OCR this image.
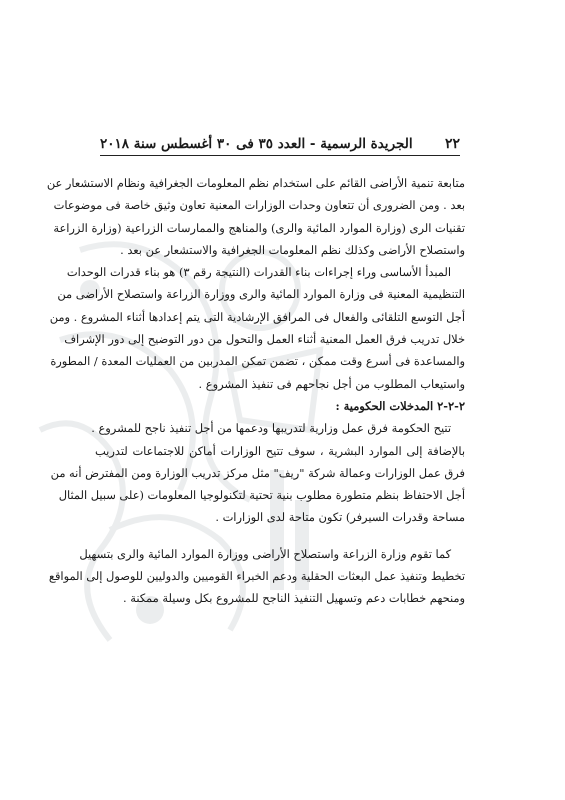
٢٢
الجريدة الرسمية - العدد ٣٥ فى ٣٠ أغسطس سنة ٢٠١٨
متابعة تنمية الأراضى القائم على استخدام نظم المعلومات الجغرافية ونظام الاستشعار عن
بعد . ومن الضرورى أن تتعاون وحدات الوزارات المعنية تعاون وثيق خاصة فى موضوعات
تقنيات الرى (وزارة الموارد المائية والرى) والمناهج والممارسات الزراعية (وزارة الزراعة
واستصلاح الأراضى وكذلك نظم المعلومات الجغرافية والاستشعار عن بعد .
المبدأ الأساسى وراء إجراءات بناء القدرات (النتيجة رقم ٣) هو بناء قدرات الوحدات
التنظيمية المعنية فى وزارة الموارد المائية والرى ووزارة الزراعة واستصلاح الأراضى من
أجل التوسع التلقائى والفعال فى المرافق الإرشادية التى يتم إعدادها أثناء المشروع . ومن
خلال تدريب فرق العمل المعنية أثناء العمل والتحول من دور التوضيح إلى دور الإشراف
والمساعدة فى أسرع وقت ممكن ، تضمن تمكن المدربين من العمليات المعدة / المطورة
واستيعاب المطلوب من أجل نجاحهم فى تنفيذ المشروع .
٢-٢-٢ المدخلات الحكومية :
تتيح الحكومة فرق عمل وزارية لتدريبها ودعمها من أجل تنفيذ ناجح للمشروع .
بالإضافة إلى الموارد البشرية ، سوف تتيح الوزارات أماكن للاجتماعات لتدريب
فرق عمل الوزارات وعمالة شركة "ريف" مثل مركز تدريب الوزارة ومن المفترض أنه من
أجل الاحتفاظ بنظم متطورة مطلوب بنية تحتية لتكنولوجيا المعلومات (على سبيل المثال
مساحة وقدرات السيرفر) تكون متاحة لدى الوزارات .
كما تقوم وزارة الزراعة واستصلاح الأراضى ووزارة الموارد المائية والرى بتسهيل
تخطيط وتنفيذ عمل البعثات الحقلية ودعم الخبراء القوميين والدوليين للوصول إلى المواقع
ومنحهم خطابات دعم وتسهيل التنفيذ الناجح للمشروع بكل وسيلة ممكنة .
